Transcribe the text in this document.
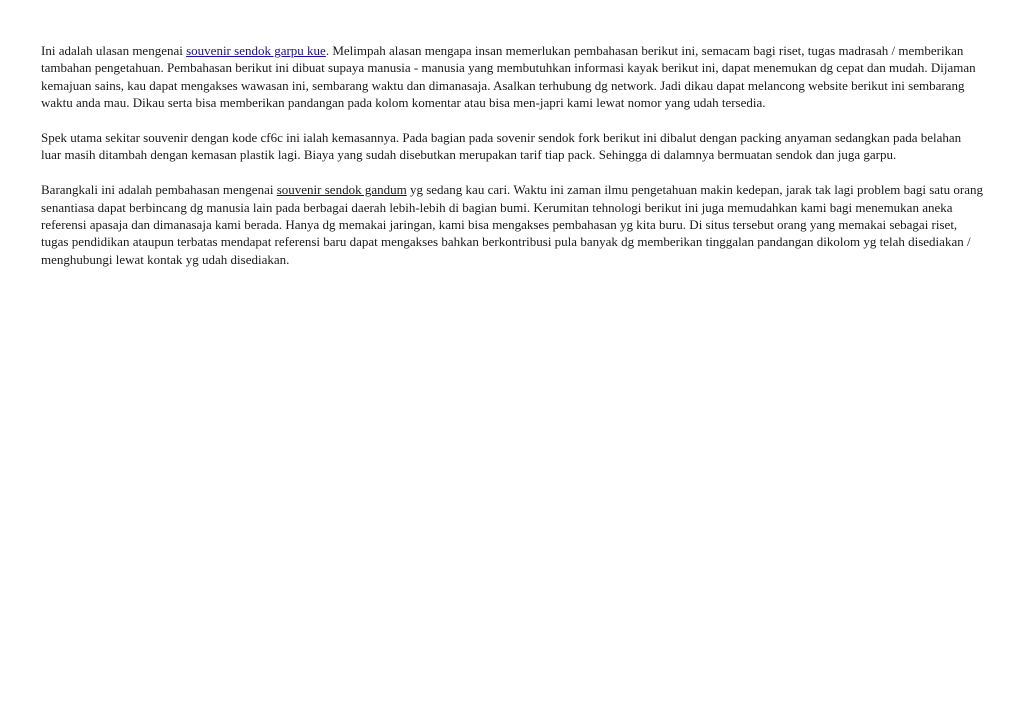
Ini adalah ulasan mengenai souvenir sendok garpu kue. Melimpah alasan mengapa insan memerlukan pembahasan berikut ini, semacam bagi riset, tugas madrasah / memberikan tambahan pengetahuan. Pembahasan berikut ini dibuat supaya manusia - manusia yang membutuhkan informasi kayak berikut ini, dapat menemukan dg cepat dan mudah. Dijaman kemajuan sains, kau dapat mengakses wawasan ini, sembarang waktu dan dimanasaja. Asalkan terhubung dg network. Jadi dikau dapat melancong website berikut ini sembarang waktu anda mau. Dikau serta bisa memberikan pandangan pada kolom komentar atau bisa men-japri kami lewat nomor yang udah tersedia.

Spek utama sekitar souvenir dengan kode cf6c ini ialah kemasannya. Pada bagian pada sovenir sendok fork berikut ini dibalut dengan packing anyaman sedangkan pada belahan luar masih ditambah dengan kemasan plastik lagi. Biaya yang sudah disebutkan merupakan tarif tiap pack. Sehingga di dalamnya bermuatan sendok dan juga garpu.

Barangkali ini adalah pembahasan mengenai souvenir sendok gandum yg sedang kau cari. Waktu ini zaman ilmu pengetahuan makin kedepan, jarak tak lagi problem bagi satu orang senantiasa dapat berbincang dg manusia lain pada berbagai daerah lebih-lebih di bagian bumi. Kerumitan tehnologi berikut ini juga memudahkan kami bagi menemukan aneka referensi apasaja dan dimanasaja kami berada. Hanya dg memakai jaringan, kami bisa mengakses pembahasan yg kita buru. Di situs tersebut orang yang memakai sebagai riset, tugas pendidikan ataupun terbatas mendapat referensi baru dapat mengakses bahkan berkontribusi pula banyak dg memberikan tinggalan pandangan dikolom yg telah disediakan / menghubungi lewat kontak yg udah disediakan.
